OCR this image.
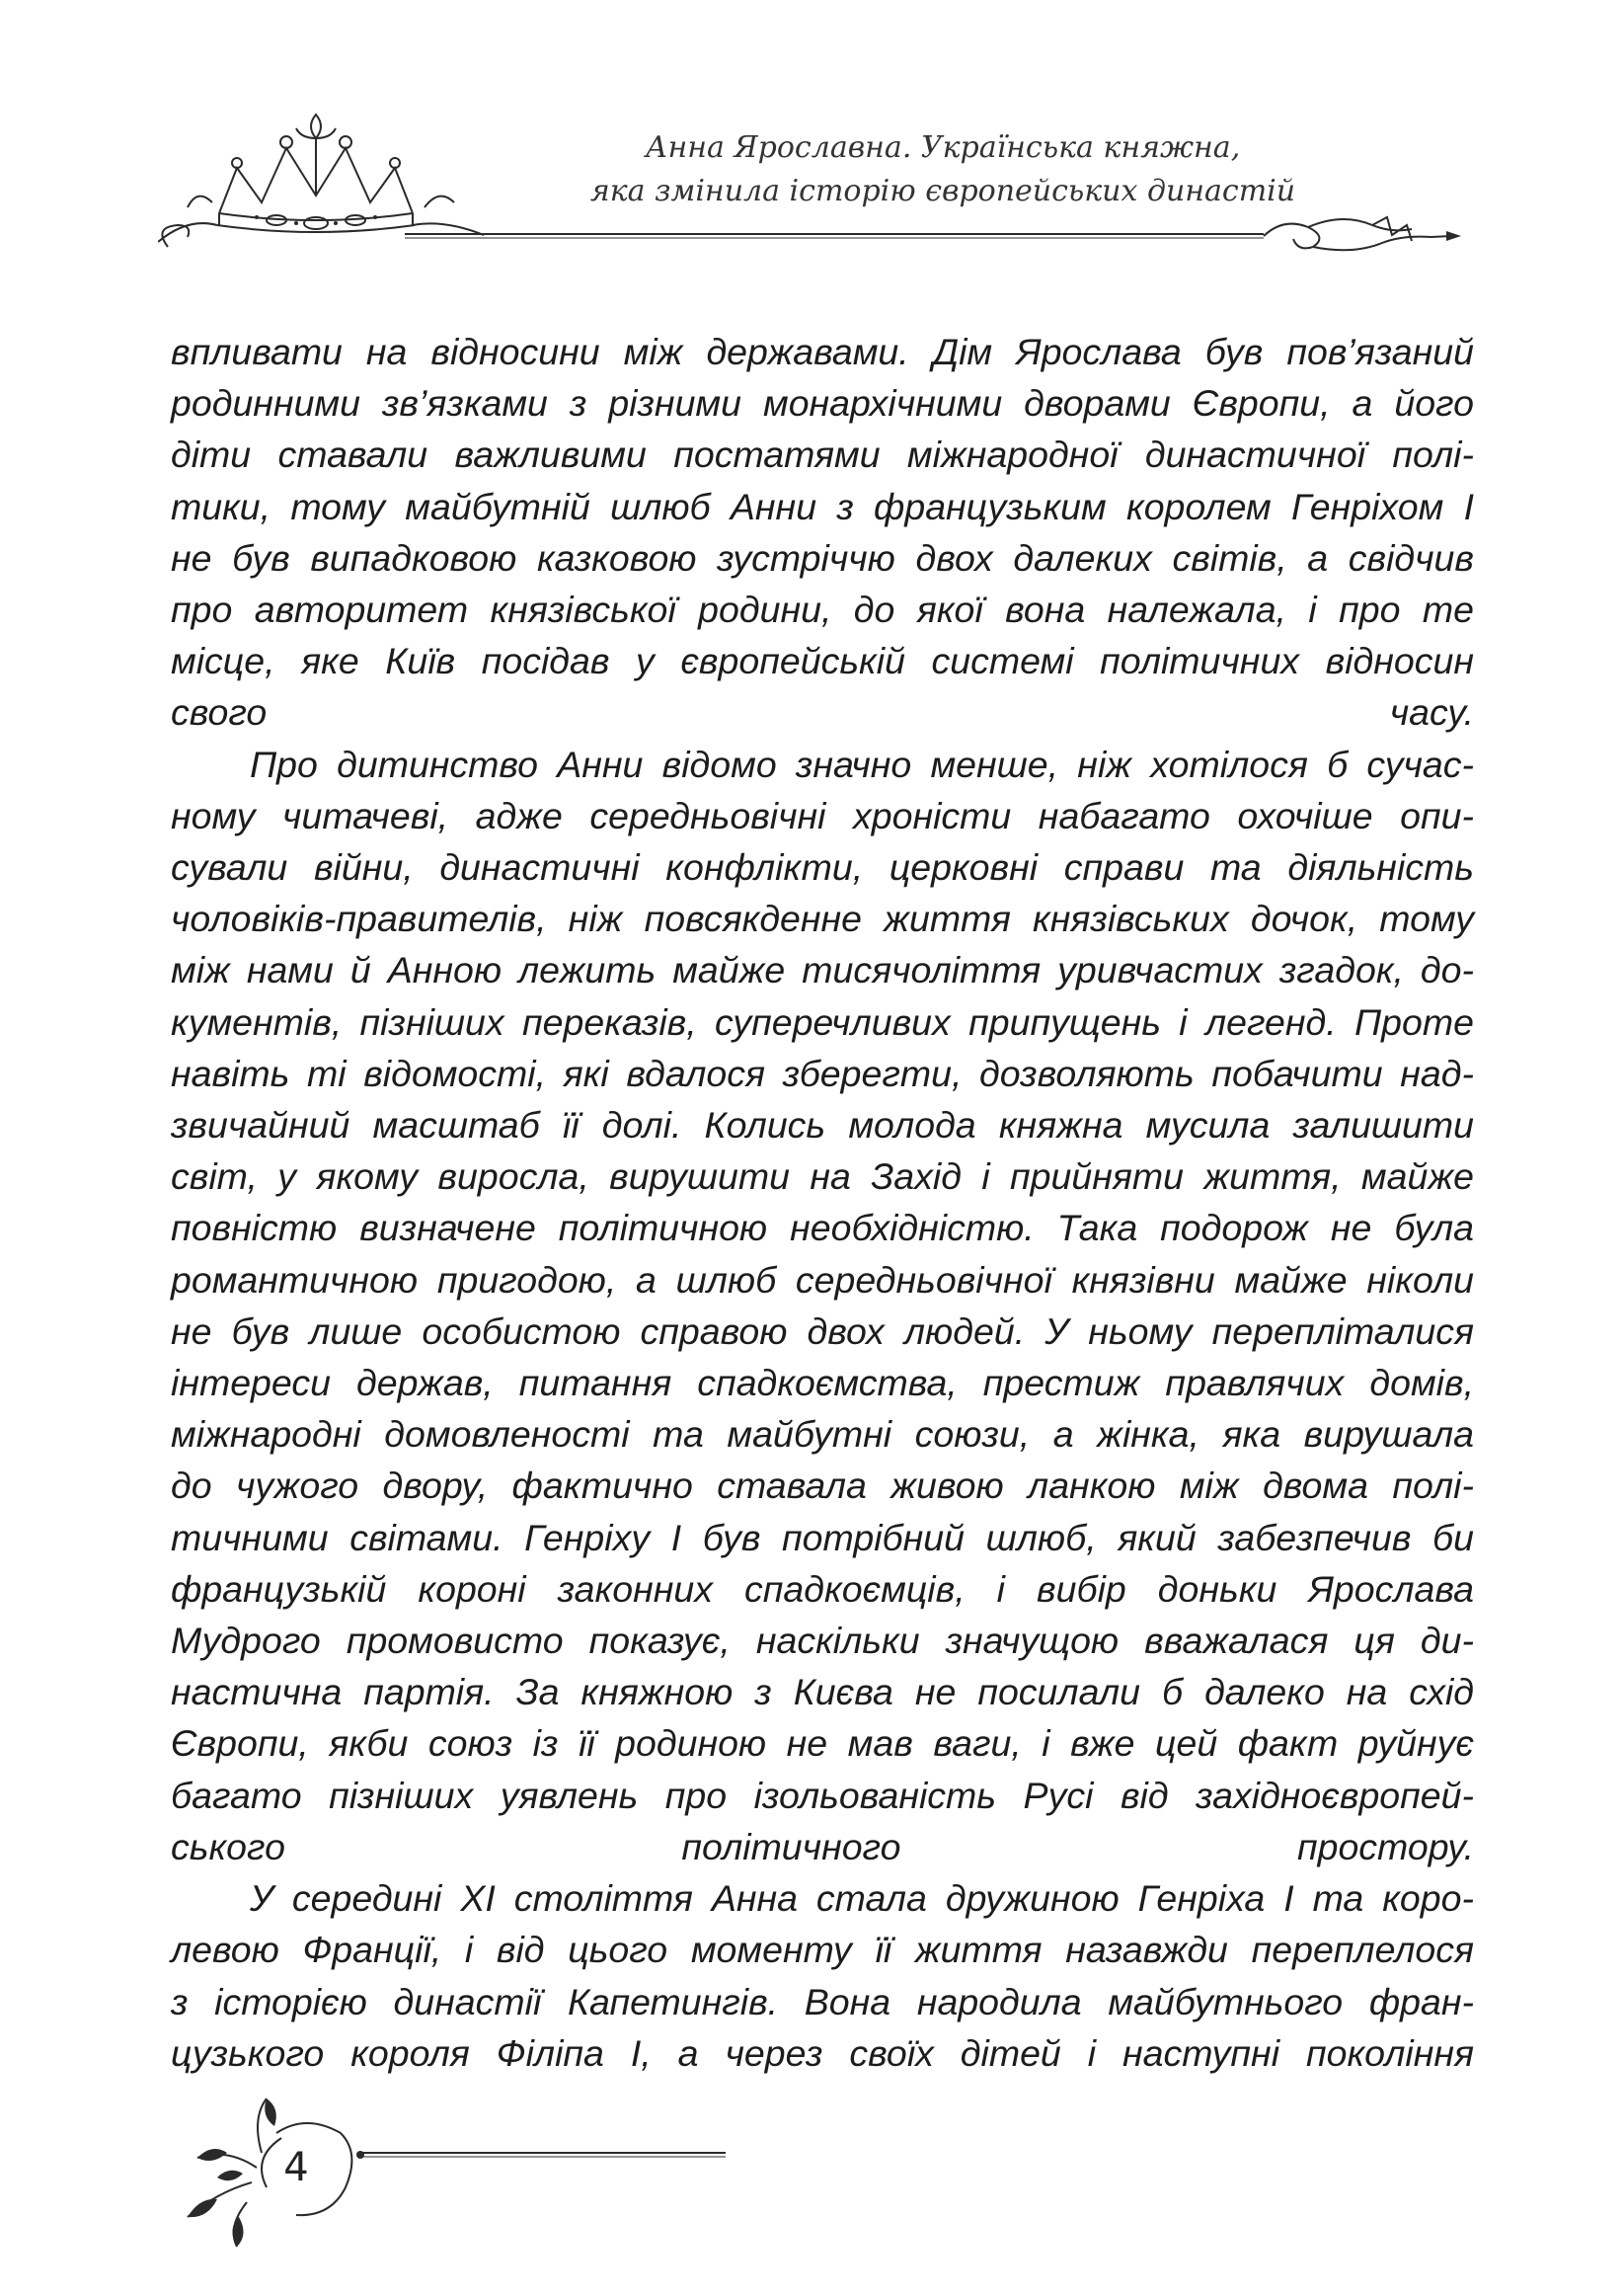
Анна Ярославна. Українська княжна,
яка змінила історію європейських династій

впливати на відносини між державами. Дім Ярослава був пов’язаний
родинними зв’язками з різними монархічними дворами Європи, а його
діти ставали важливими постатями міжнародної династичної полі-
тики, тому майбутній шлюб Анни з французьким королем Генріхом І
не був випадковою казковою зустріччю двох далеких світів, а свідчив
про авторитет князівської родини, до якої вона належала, і про те
місце, яке Київ посідав у європейській системі політичних відносин
свого часу.

Про дитинство Анни відомо значно менше, ніж хотілося б сучас-
ному читачеві, адже середньовічні хроністи набагато охочіше опи-
сували війни, династичні конфлікти, церковні справи та діяльність
чоловіків-правителів, ніж повсякденне життя князівських дочок, тому
між нами й Анною лежить майже тисячоліття уривчастих згадок, до-
кументів, пізніших переказів, суперечливих припущень і легенд. Проте
навіть ті відомості, які вдалося зберегти, дозволяють побачити над-
звичайний масштаб її долі. Колись молода княжна мусила залишити
світ, у якому виросла, вирушити на Захід і прийняти життя, майже
повністю визначене політичною необхідністю. Така подорож не була
романтичною пригодою, а шлюб середньовічної князівни майже ніколи
не був лише особистою справою двох людей. У ньому перепліталися
інтереси держав, питання спадкоємства, престиж правлячих домів,
міжнародні домовленості та майбутні союзи, а жінка, яка вирушала
до чужого двору, фактично ставала живою ланкою між двома полі-
тичними світами. Генріху І був потрібний шлюб, який забезпечив би
французькій короні законних спадкоємців, і вибір доньки Ярослава
Мудрого промовисто показує, наскільки значущою вважалася ця ди-
настична партія. За княжною з Києва не посилали б далеко на схід
Європи, якби союз із її родиною не мав ваги, і вже цей факт руйнує
багато пізніших уявлень про ізольованість Русі від західноєвропей-
ського політичного простору.

У середині ХІ століття Анна стала дружиною Генріха І та коро-
левою Франції, і від цього моменту її життя назавжди переплелося
з історією династії Капетингів. Вона народила майбутнього фран-
цузького короля Філіпа І, а через своїх дітей і наступні покоління

4
